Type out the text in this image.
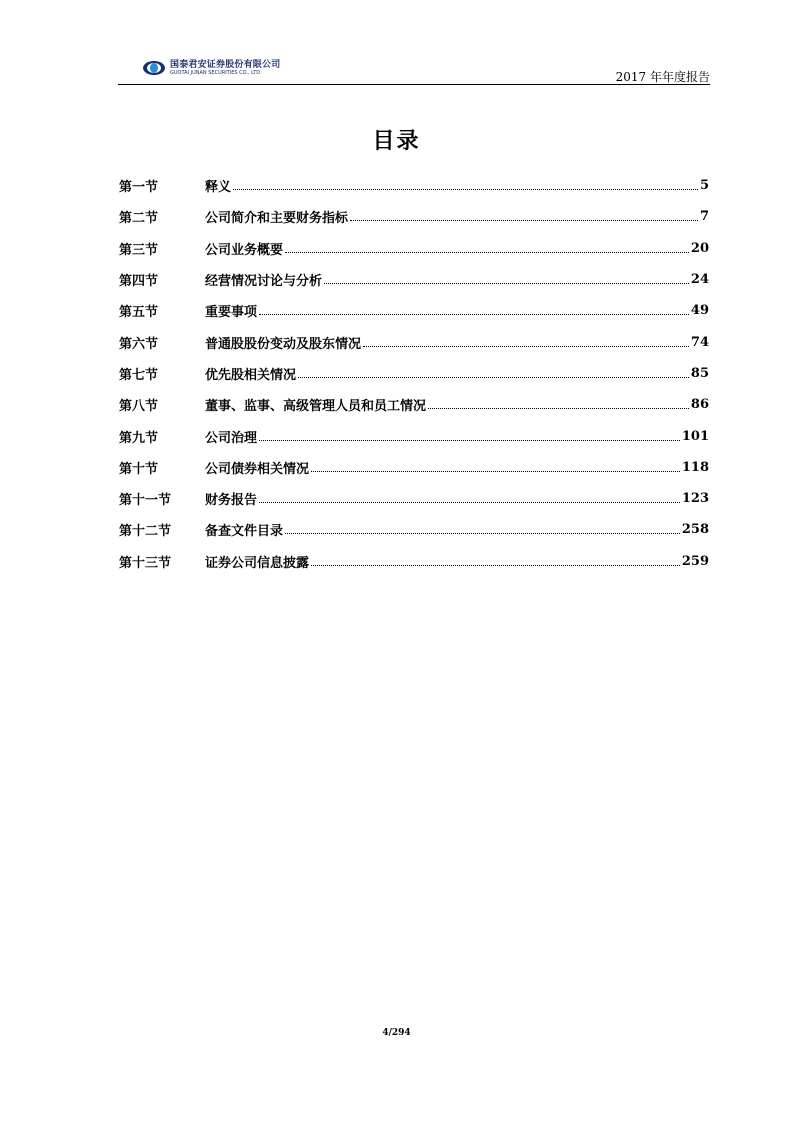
国泰君安证券股份有限公司
GUOTAI JUNAN SECURITIES CO., LTD.	2017 年年度报告
目录
第一节	释义	5
第二节	公司简介和主要财务指标	7
第三节	公司业务概要	20
第四节	经营情况讨论与分析	24
第五节	重要事项	49
第六节	普通股股份变动及股东情况	74
第七节	优先股相关情况	85
第八节	董事、监事、高级管理人员和员工情况	86
第九节	公司治理	101
第十节	公司债券相关情况	118
第十一节	财务报告	123
第十二节	备查文件目录	258
第十三节	证券公司信息披露	259
4/294
